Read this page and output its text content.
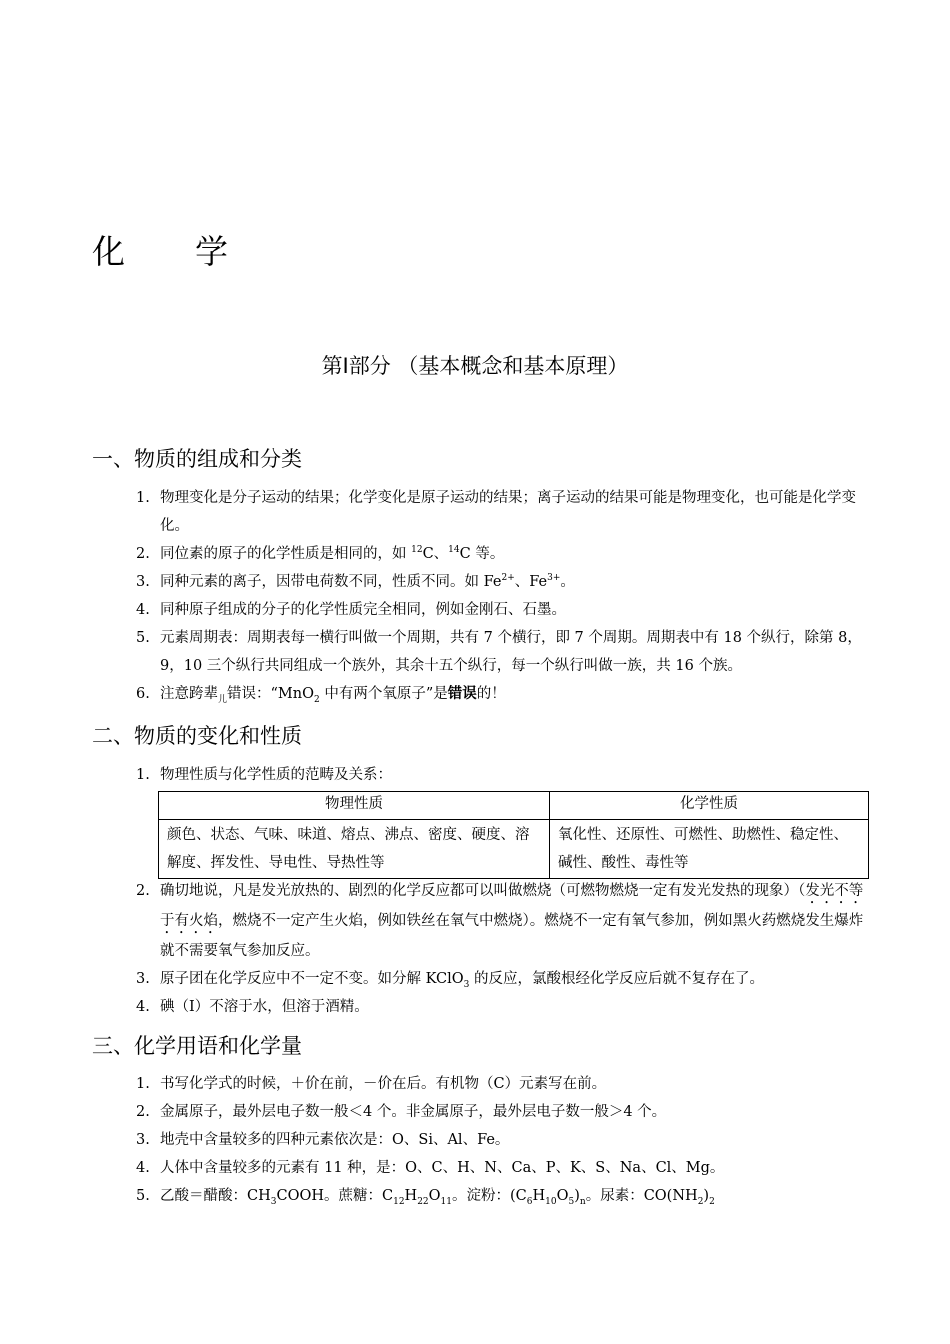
化 学
第Ⅰ部分 （基本概念和基本原理）
一、物质的组成和分类
1. 物理变化是分子运动的结果；化学变化是原子运动的结果；离子运动的结果可能是物理变化，也可能是化学变化。
2. 同位素的原子的化学性质是相同的，如 $^{12}$C、$^{14}$C 等。
3. 同种元素的离子，因带电荷数不同，性质不同。如 $Fe^{2+}$、$Fe^{3+}$。
4. 同种原子组成的分子的化学性质完全相同，例如金刚石、石墨。
5. 元素周期表：周期表每一横行叫做一个周期，共有 7 个横行，即 7 个周期。周期表中有 18 个纵行，除第 8，9，10 三个纵行共同组成一个族外，其余十五个纵行，每一个纵行叫做一族，共 16 个族。
6. 注意跨辈$_儿$错误：“MnO$_2$ 中有两个氧原子”是错误的！
二、物质的变化和性质
1. 物理性质与化学性质的范畴及关系：
物理性质	化学性质
颜色、状态、气味、味道、熔点、沸点、密度、硬度、溶解度、挥发性、导电性、导热性等	氧化性、还原性、可燃性、助燃性、稳定性、碱性、酸性、毒性等
2. 确切地说，凡是发光放热的、剧烈的化学反应都可以叫做燃烧（可燃物燃烧一定有发光发热的现象）（发光不等于有火焰，燃烧不一定产生火焰，例如铁丝在氧气中燃烧）。燃烧不一定有氧气参加，例如黑火药燃烧发生爆炸就不需要氧气参加反应。
3. 原子团在化学反应中不一定不变。如分解 KClO$_3$ 的反应，氯酸根经化学反应后就不复存在了。
4. 碘（I）不溶于水，但溶于酒精。
三、化学用语和化学量
1. 书写化学式的时候，＋价在前，－价在后。有机物（C）元素写在前。
2. 金属原子，最外层电子数一般＜4 个。非金属原子，最外层电子数一般＞4 个。
3. 地壳中含量较多的四种元素依次是：O、Si、Al、Fe。
4. 人体中含量较多的元素有 11 种，是：O、C、H、N、Ca、P、K、S、Na、Cl、Mg。
5. 乙酸＝醋酸：$CH_3COOH$。蔗糖：$C_{12}H_{22}O_{11}$。淀粉：$(C_6H_{10}O_5)_n$。尿素：$CO(NH_2)_2$
